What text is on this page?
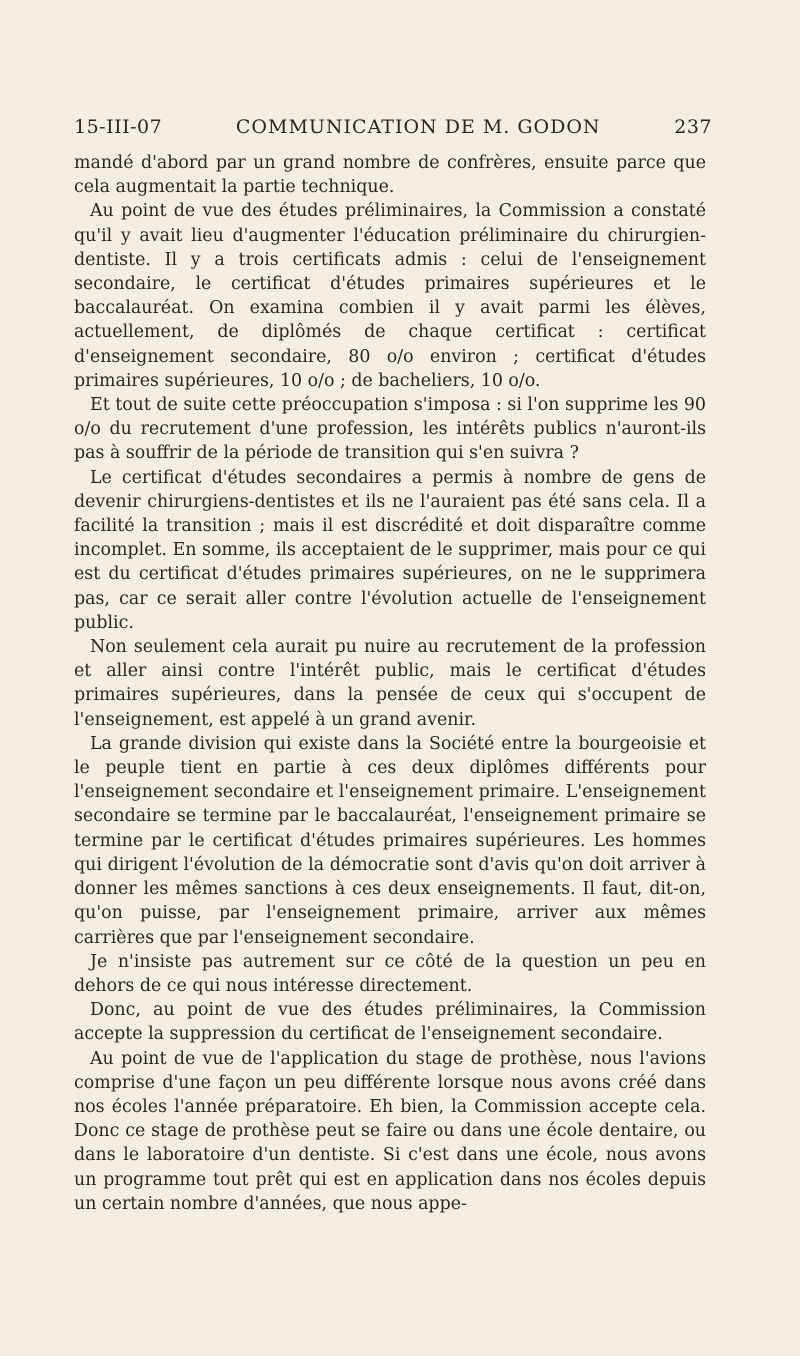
15-III-07	COMMUNICATION DE M. GODON	237

mandé d'abord par un grand nombre de confrères, ensuite parce que cela augmentait la partie technique.

Au point de vue des études préliminaires, la Commission a constaté qu'il y avait lieu d'augmenter l'éducation préliminaire du chirurgien-dentiste. Il y a trois certificats admis : celui de l'enseignement secondaire, le certificat d'études primaires supérieures et le baccalauréat. On examina combien il y avait parmi les élèves, actuellement, de diplômés de chaque certificat : certificat d'enseignement secondaire, 80 o/o environ ; certificat d'études primaires supérieures, 10 o/o ; de bacheliers, 10 o/o.

Et tout de suite cette préoccupation s'imposa : si l'on supprime les 90 o/o du recrutement d'une profession, les intérêts publics n'auront-ils pas à souffrir de la période de transition qui s'en suivra ?

Le certificat d'études secondaires a permis à nombre de gens de devenir chirurgiens-dentistes et ils ne l'auraient pas été sans cela. Il a facilité la transition ; mais il est discrédité et doit disparaître comme incomplet. En somme, ils acceptaient de le supprimer, mais pour ce qui est du certificat d'études primaires supérieures, on ne le supprimera pas, car ce serait aller contre l'évolution actuelle de l'enseignement public.

Non seulement cela aurait pu nuire au recrutement de la profession et aller ainsi contre l'intérêt public, mais le certificat d'études primaires supérieures, dans la pensée de ceux qui s'occupent de l'enseignement, est appelé à un grand avenir.

La grande division qui existe dans la Société entre la bourgeoisie et le peuple tient en partie à ces deux diplômes différents pour l'enseignement secondaire et l'enseignement primaire. L'enseignement secondaire se termine par le baccalauréat, l'enseignement primaire se termine par le certificat d'études primaires supérieures. Les hommes qui dirigent l'évolution de la démocratie sont d'avis qu'on doit arriver à donner les mêmes sanctions à ces deux enseignements. Il faut, dit-on, qu'on puisse, par l'enseignement primaire, arriver aux mêmes carrières que par l'enseignement secondaire.

Je n'insiste pas autrement sur ce côté de la question un peu en dehors de ce qui nous intéresse directement.

Donc, au point de vue des études préliminaires, la Commission accepte la suppression du certificat de l'enseignement secondaire.

Au point de vue de l'application du stage de prothèse, nous l'avions comprise d'une façon un peu différente lorsque nous avons créé dans nos écoles l'année préparatoire. Eh bien, la Commission accepte cela. Donc ce stage de prothèse peut se faire ou dans une école dentaire, ou dans le laboratoire d'un dentiste. Si c'est dans une école, nous avons un programme tout prêt qui est en application dans nos écoles depuis un certain nombre d'années, que nous appe-
